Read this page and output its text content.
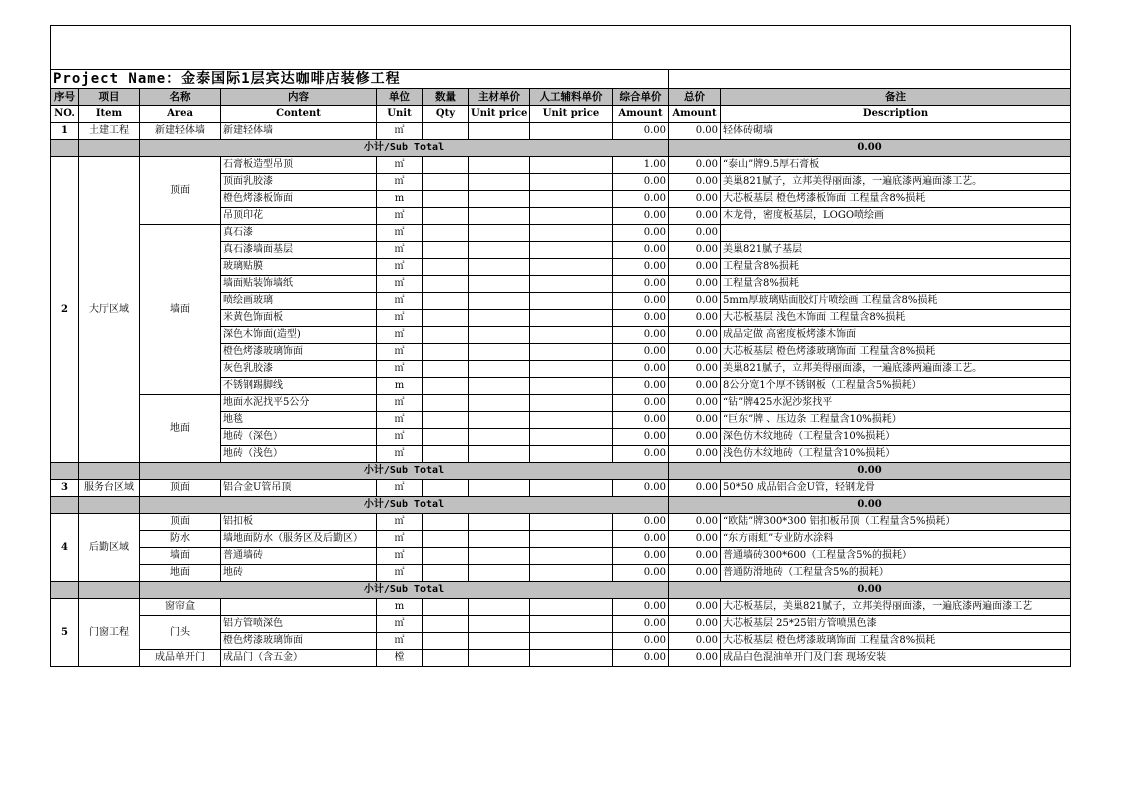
Project Name：金泰国际1层宾达咖啡店装修工程										
序号	项目	名称	内容	单位	数量	主材单价	人工辅料单价	综合单价	总价	备注
NO.	Item	Area	Content	Unit	Qty	Unit price	Unit price	Amount	Amount	Description
1	土建工程	新建轻体墙	新建轻体墙	㎡				0.00	0.00	轻体砖砌墙
		小计/Sub Total							0.00	
2	大厅区域	顶面	石膏板造型吊顶	㎡				1.00	0.00	“泰山”牌9.5厚石膏板
			顶面乳胶漆	㎡				0.00	0.00	美巢821腻子，立邦美得丽面漆，一遍底漆两遍面漆工艺。
			橙色烤漆板饰面	m				0.00	0.00	大芯板基层 橙色烤漆板饰面 工程量含8%损耗
			吊顶印花	㎡				0.00	0.00	木龙骨，密度板基层，LOGO喷绘画
		墙面	真石漆	㎡				0.00	0.00	
			真石漆墙面基层	㎡				0.00	0.00	美巢821腻子基层
			玻璃贴膜	㎡				0.00	0.00	工程量含8%损耗
			墙面贴装饰墙纸	㎡				0.00	0.00	工程量含8%损耗
			喷绘画玻璃	㎡				0.00	0.00	5mm厚玻璃贴面胶灯片喷绘画 工程量含8%损耗
			米黄色饰面板	㎡				0.00	0.00	大芯板基层 浅色木饰面 工程量含8%损耗
			深色木饰面(造型)	㎡				0.00	0.00	成品定做 高密度板烤漆木饰面
			橙色烤漆玻璃饰面	㎡				0.00	0.00	大芯板基层 橙色烤漆玻璃饰面 工程量含8%损耗
			灰色乳胶漆	㎡				0.00	0.00	美巢821腻子，立邦美得丽面漆，一遍底漆两遍面漆工艺。
			不锈钢踢脚线	m				0.00	0.00	8公分宽1个厚不锈钢板（工程量含5%损耗）
		地面	地面水泥找平5公分	㎡				0.00	0.00	“钻”牌425水泥沙浆找平
			地毯	㎡				0.00	0.00	“巨东”牌 、压边条 工程量含10%损耗）
			地砖（深色）	㎡				0.00	0.00	深色仿木纹地砖（工程量含10%损耗）
			地砖（浅色）	㎡				0.00	0.00	浅色仿木纹地砖（工程量含10%损耗）
		小计/Sub Total							0.00	
3	服务台区域	顶面	铝合金U管吊顶	㎡				0.00	0.00	50*50 成品铝合金U管，轻钢龙骨
		小计/Sub Total							0.00	
4	后勤区域	顶面	铝扣板	㎡				0.00	0.00	“欧陆”牌300*300 铝扣板吊顶（工程量含5%损耗）
		防水	墙地面防水（服务区及后勤区）	㎡				0.00	0.00	“东方雨虹”专业防水涂料
		墙面	普通墙砖	㎡				0.00	0.00	普通墙砖300*600（工程量含5%的损耗）
		地面	地砖	㎡				0.00	0.00	普通防滑地砖（工程量含5%的损耗）
		小计/Sub Total							0.00	
5	门窗工程	窗帘盒		m				0.00	0.00	大芯板基层，美巢821腻子，立邦美得丽面漆，一遍底漆两遍面漆工艺
		门头	铝方管喷深色	㎡				0.00	0.00	大芯板基层 25*25铝方管喷黑色漆
			橙色烤漆玻璃饰面	㎡				0.00	0.00	大芯板基层 橙色烤漆玻璃饰面 工程量含8%损耗
		成品单开门	成品门（含五金）	樘				0.00	0.00	成品白色混油单开门及门套 现场安装
